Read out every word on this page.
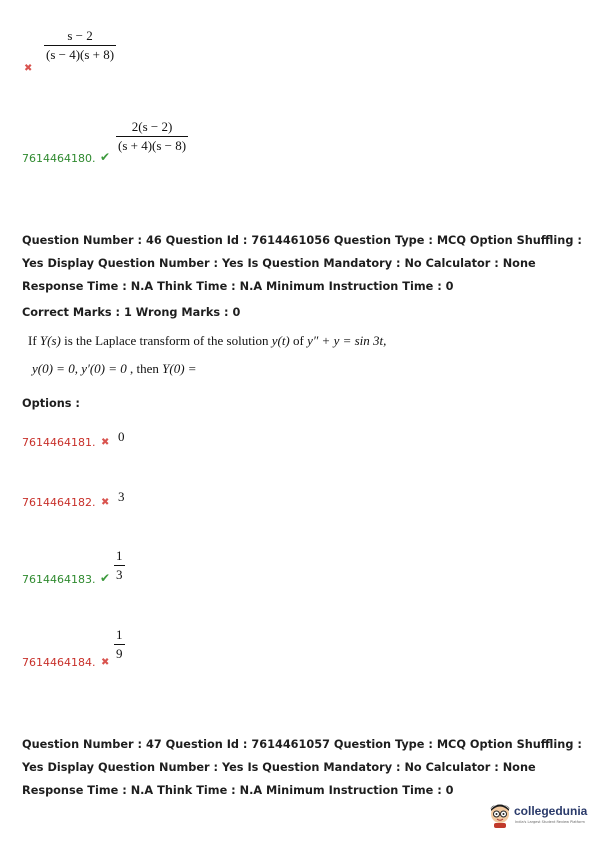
$\frac{s - 2}{(s - 4)(s + 8)}$
✖
7614464180. ✔
$\frac{2(s - 2)}{(s + 4)(s - 8)}$
Question Number : 46 Question Id : 7614461056 Question Type : MCQ Option Shuffling : Yes Display Question Number : Yes Is Question Mandatory : No Calculator : None Response Time : N.A Think Time : N.A Minimum Instruction Time : 0
Correct Marks : 1 Wrong Marks : 0
If Y(s) is the Laplace transform of the solution y(t) of y″ + y = sin 3t,
y(0) = 0, y′(0) = 0 , then Y(0) =
Options :
7614464181. ✖ 0
7614464182. ✖ 3
7614464183. ✔ $\frac{1}{3}$
7614464184. ✖
$\frac{1}{9}$
Question Number : 47 Question Id : 7614461057 Question Type : MCQ Option Shuffling : Yes Display Question Number : Yes Is Question Mandatory : No Calculator : None Response Time : N.A Think Time : N.A Minimum Instruction Time : 0
collegedunia
India's Largest Student Review Platform
